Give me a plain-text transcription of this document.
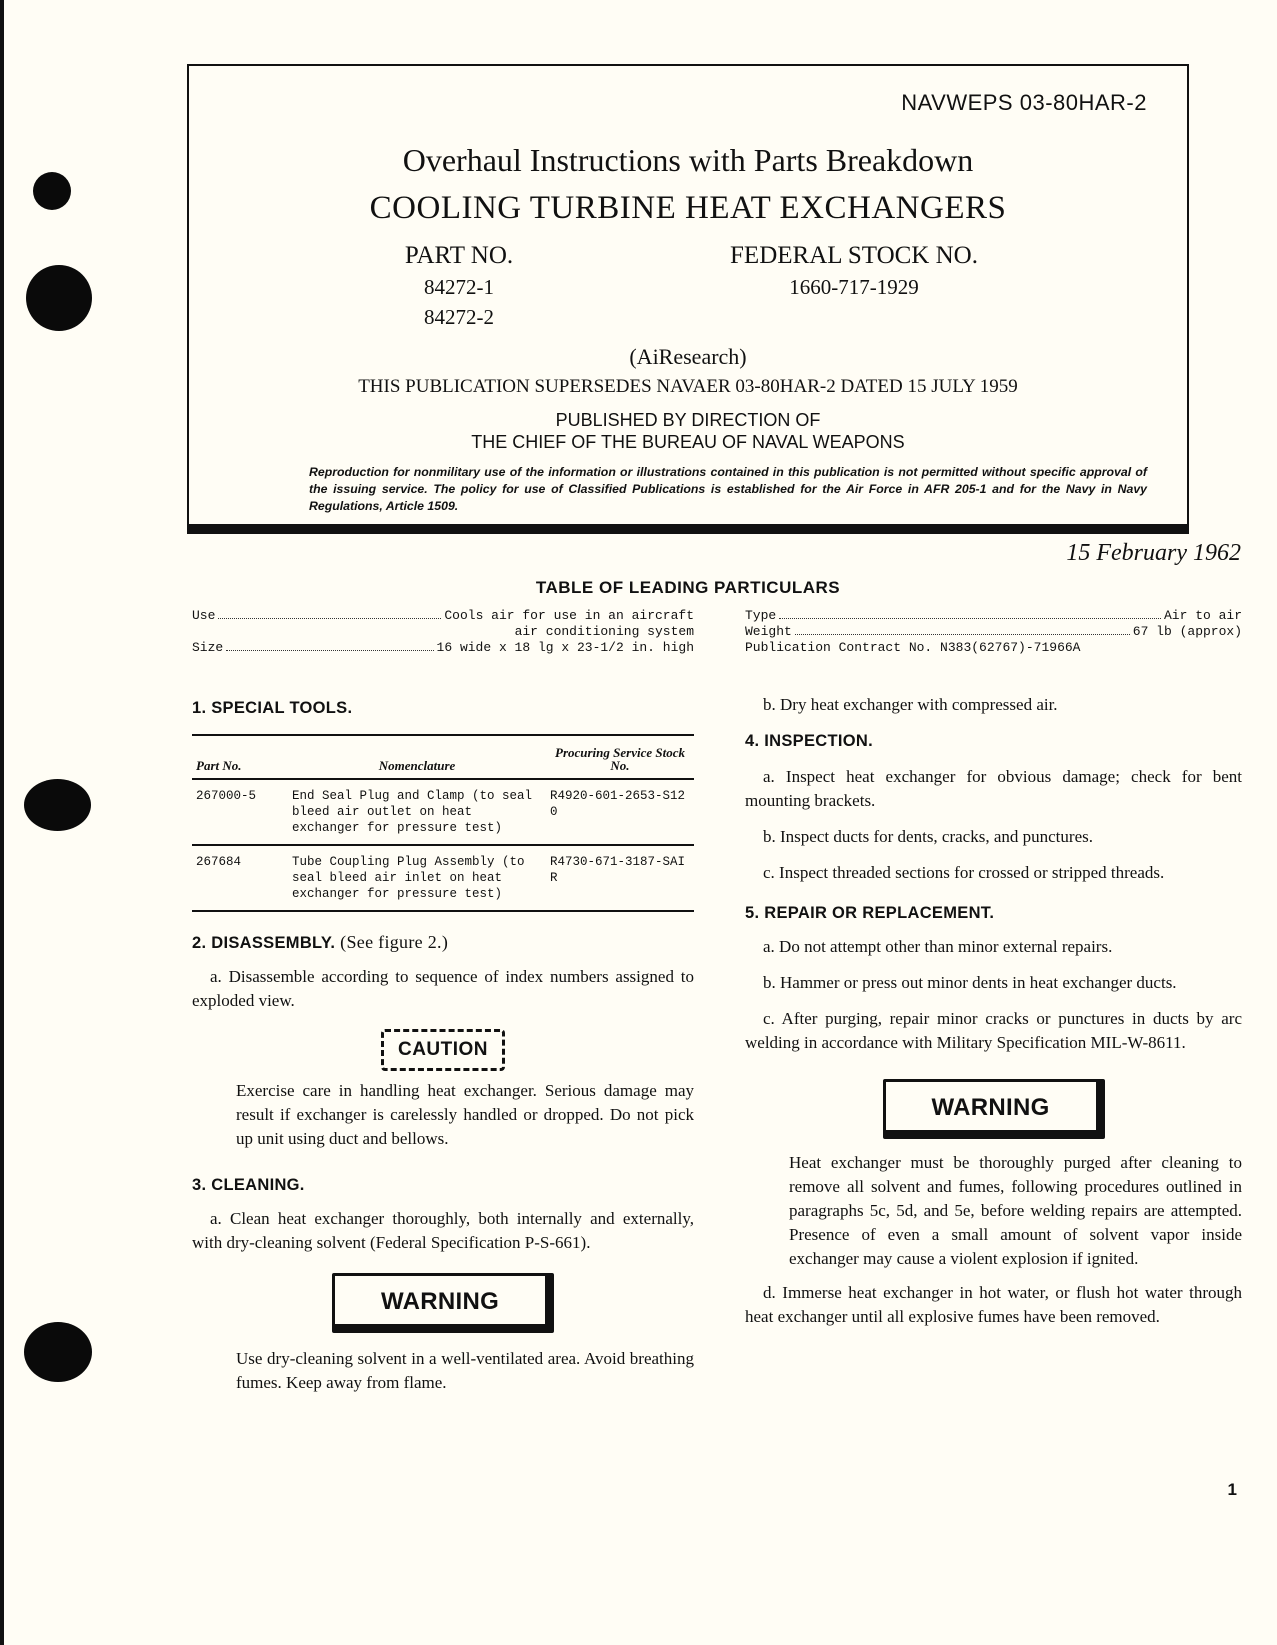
NAVWEPS 03-80HAR-2
Overhaul Instructions with Parts Breakdown
COOLING TURBINE HEAT EXCHANGERS
PART NO.
84272-1
84272-2
FEDERAL STOCK NO.
1660-717-1929
(AiResearch)
THIS PUBLICATION SUPERSEDES NAVAER 03-80HAR-2 DATED 15 JULY 1959
PUBLISHED BY DIRECTION OF
THE CHIEF OF THE BUREAU OF NAVAL WEAPONS
Reproduction for nonmilitary use of the information or illustrations contained in this publication is not permitted without specific approval of the issuing service. The policy for use of Classified Publications is established for the Air Force in AFR 205-1 and for the Navy in Navy Regulations, Article 1509.
15 February 1962
TABLE OF LEADING PARTICULARS
Use	Cools air for use in an aircraft
air conditioning system
Size	16 wide x 18 lg x 23-1/2 in. high
Type	Air to air
Weight	67 lb (approx)
Publication Contract No.
N383(62767)-71966A
1. SPECIAL TOOLS.
Part No.	Nomenclature	Procuring Service Stock No.
267000-5	End Seal Plug and Clamp (to seal bleed air outlet on heat exchanger for pressure test)	R4920-601-2653-S120
267684	Tube Coupling Plug Assembly (to seal bleed air inlet on heat exchanger for pressure test)	R4730-671-3187-SAIR
2. DISASSEMBLY. (See figure 2.)

a. Disassemble according to sequence of index numbers assigned to exploded view.

CAUTION

Exercise care in handling heat exchanger. Serious damage may result if exchanger is carelessly handled or dropped. Do not pick up unit using duct and bellows.

3. CLEANING.

a. Clean heat exchanger thoroughly, both internally and externally, with dry-cleaning solvent (Federal Specification P-S-661).

WARNING

Use dry-cleaning solvent in a well-ventilated area. Avoid breathing fumes. Keep away from flame.

b. Dry heat exchanger with compressed air.

4. INSPECTION.

a. Inspect heat exchanger for obvious damage; check for bent mounting brackets.

b. Inspect ducts for dents, cracks, and punctures.

c. Inspect threaded sections for crossed or stripped threads.

5. REPAIR OR REPLACEMENT.

a. Do not attempt other than minor external repairs.

b. Hammer or press out minor dents in heat exchanger ducts.

c. After purging, repair minor cracks or punctures in ducts by arc welding in accordance with Military Specification MIL-W-8611.

WARNING

Heat exchanger must be thoroughly purged after cleaning to remove all solvent and fumes, following procedures outlined in paragraphs 5c, 5d, and 5e, before welding repairs are attempted. Presence of even a small amount of solvent vapor inside exchanger may cause a violent explosion if ignited.

d. Immerse heat exchanger in hot water, or flush hot water through heat exchanger until all explosive fumes have been removed.

1
